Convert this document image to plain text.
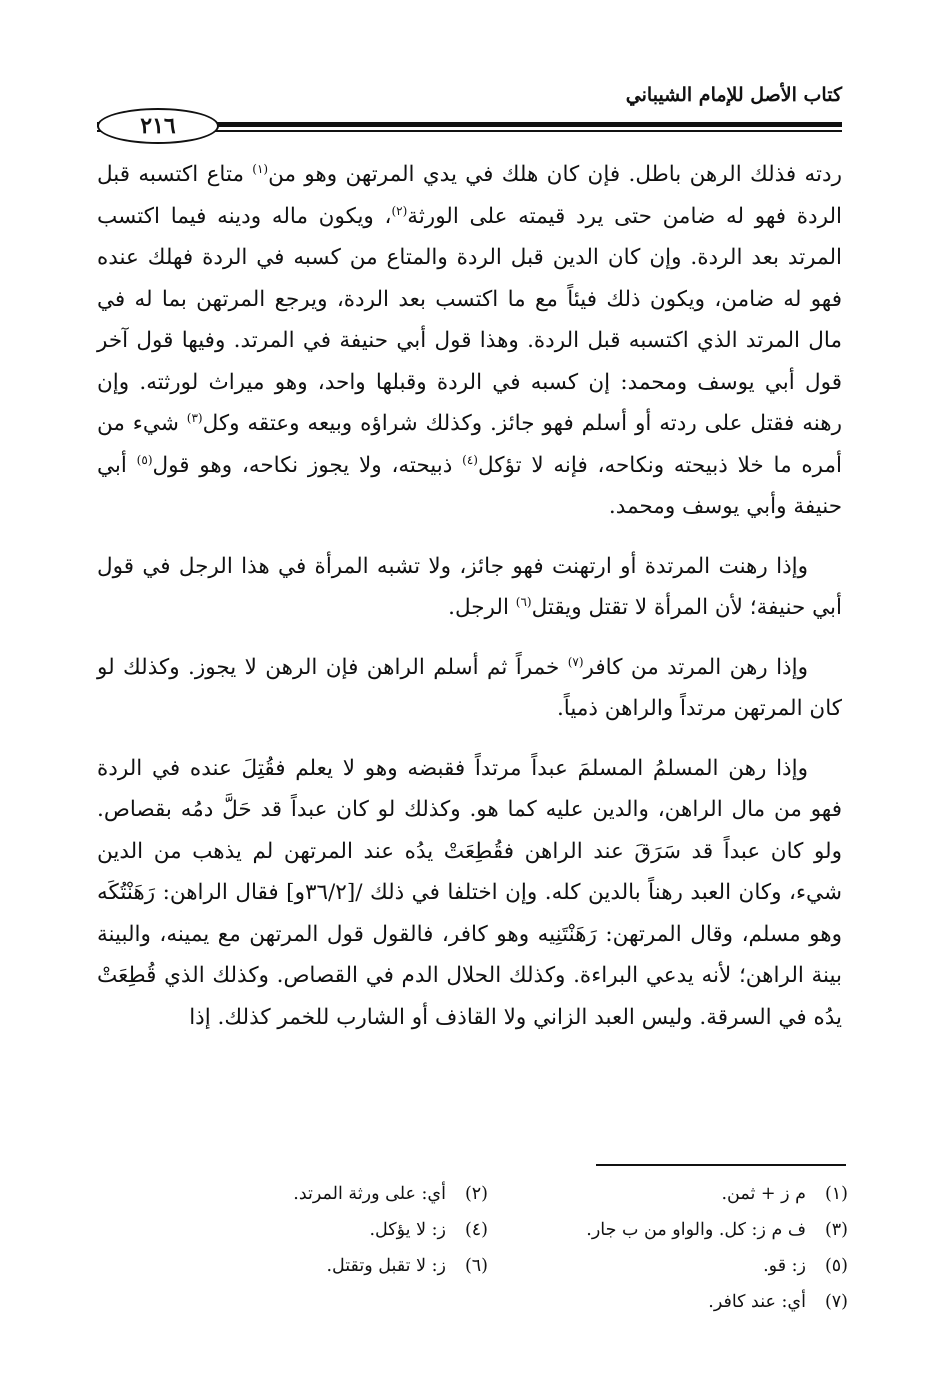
كتاب الأصل للإمام الشيباني
٢١٦

ردته فذلك الرهن باطل. فإن كان هلك في يدي المرتهن وهو من$^{(١)}$ متاع اكتسبه قبل الردة فهو له ضامن حتى يرد قيمته على الورثة$^{(٢)}$، ويكون ماله ودينه فيما اكتسب المرتد بعد الردة. وإن كان الدين قبل الردة والمتاع من كسبه في الردة فهلك عنده فهو له ضامن، ويكون ذلك فيئاً مع ما اكتسب بعد الردة، ويرجع المرتهن بما له في مال المرتد الذي اكتسبه قبل الردة. وهذا قول أبي حنيفة في المرتد. وفيها قول آخر قول أبي يوسف ومحمد: إن كسبه في الردة وقبلها واحد، وهو ميراث لورثته. وإن رهنه فقتل على ردته أو أسلم فهو جائز. وكذلك شراؤه وبيعه وعتقه وكل$^{(٣)}$ شيء من أمره ما خلا ذبيحته ونكاحه، فإنه لا تؤكل$^{(٤)}$ ذبيحته، ولا يجوز نكاحه، وهو قول$^{(٥)}$ أبي حنيفة وأبي يوسف ومحمد.

وإذا رهنت المرتدة أو ارتهنت فهو جائز، ولا تشبه المرأة في هذا الرجل في قول أبي حنيفة؛ لأن المرأة لا تقتل ويقتل$^{(٦)}$ الرجل.

وإذا رهن المرتد من كافر$^{(٧)}$ خمراً ثم أسلم الراهن فإن الرهن لا يجوز. وكذلك لو كان المرتهن مرتداً والراهن ذمياً.

وإذا رهن المسلمُ المسلمَ عبداً مرتداً فقبضه وهو لا يعلم فقُتِلَ عنده في الردة فهو من مال الراهن، والدين عليه كما هو. وكذلك لو كان عبداً قد حَلَّ دمُه بقصاص. ولو كان عبداً قد سَرَقَ عند الراهن فقُطِعَتْ يدُه عند المرتهن لم يذهب من الدين شيء، وكان العبد رهناً بالدين كله. وإن اختلفا في ذلك /[٣٦/٢و] فقال الراهن: رَهَنْتُكَه وهو مسلم، وقال المرتهن: رَهَنْتَنِيه وهو كافر، فالقول قول المرتهن مع يمينه، والبينة بينة الراهن؛ لأنه يدعي البراءة. وكذلك الحلال الدم في القصاص. وكذلك الذي قُطِعَتْ يدُه في السرقة. وليس العبد الزاني ولا القاذف أو الشارب للخمر كذلك. إذا

(١)
م ز + ثمن.
(٢)
أي: على ورثة المرتد.
(٣)
ف م ز: كل. والواو من ب جار.
(٤)
ز: لا يؤكل.
(٥)
ز: قو.
(٦)
ز: لا تقبل وتقتل.
(٧)
أي: عند كافر.
